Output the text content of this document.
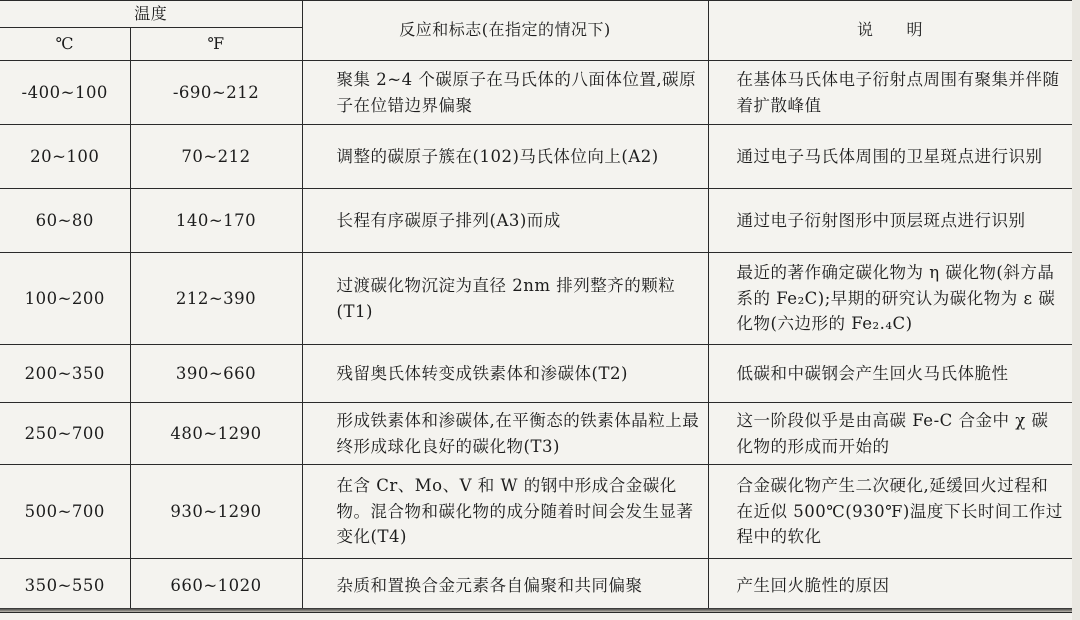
温度		反应和标志(在指定的情况下)	说　　明
℃	℉		
-400~100	-690~212	聚集 2~4 个碳原子在马氏体的八面体位置,碳原子在位错边界偏聚	在基体马氏体电子衍射点周围有聚集并伴随着扩散峰值

20~100	70~212	调整的碳原子簇在(102)马氏体位向上(A2)	通过电子马氏体周围的卫星斑点进行识别

60~80	140~170	长程有序碳原子排列(A3)而成	通过电子衍射图形中顶层斑点进行识别

100~200	212~390	过渡碳化物沉淀为直径 2nm 排列整齐的颗粒(T1)	最近的著作确定碳化物为 η 碳化物(斜方晶系的 Fe₂C);早期的研究认为碳化物为 ε 碳化物(六边形的 Fe₂.₄C)

200~350	390~660	残留奥氏体转变成铁素体和渗碳体(T2)	低碳和中碳钢会产生回火马氏体脆性

250~700	480~1290	形成铁素体和渗碳体,在平衡态的铁素体晶粒上最终形成球化良好的碳化物(T3)	这一阶段似乎是由高碳 Fe-C 合金中 χ 碳化物的形成而开始的

500~700	930~1290	在含 Cr、Mo、V 和 W 的钢中形成合金碳化物。混合物和碳化物的成分随着时间会发生显著变化(T4)	合金碳化物产生二次硬化,延缓回火过程和在近似 500℃(930℉)温度下长时间工作过程中的软化

350~550	660~1020	杂质和置换合金元素各自偏聚和共同偏聚	产生回火脆性的原因
